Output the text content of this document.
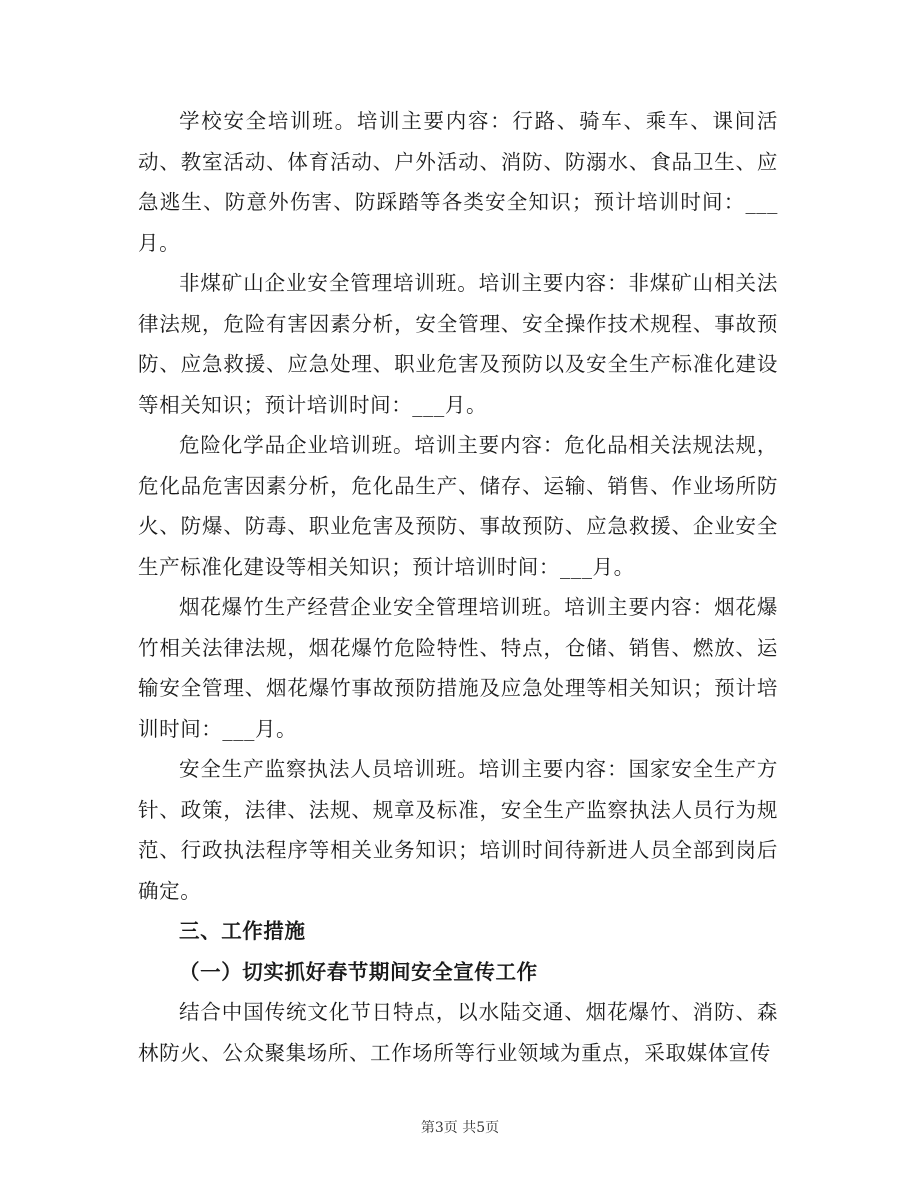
学校安全培训班。培训主要内容：行路、骑车、乘车、课间活动、教室活动、体育活动、户外活动、消防、防溺水、食品卫生、应急逃生、防意外伤害、防踩踏等各类安全知识；预计培训时间：___月。

非煤矿山企业安全管理培训班。培训主要内容：非煤矿山相关法律法规，危险有害因素分析，安全管理、安全操作技术规程、事故预防、应急救援、应急处理、职业危害及预防以及安全生产标准化建设等相关知识；预计培训时间：___月。

危险化学品企业培训班。培训主要内容：危化品相关法规法规，危化品危害因素分析，危化品生产、储存、运输、销售、作业场所防火、防爆、防毒、职业危害及预防、事故预防、应急救援、企业安全生产标准化建设等相关知识；预计培训时间：___月。

烟花爆竹生产经营企业安全管理培训班。培训主要内容：烟花爆竹相关法律法规，烟花爆竹危险特性、特点，仓储、销售、燃放、运输安全管理、烟花爆竹事故预防措施及应急处理等相关知识；预计培训时间：___月。

安全生产监察执法人员培训班。培训主要内容：国家安全生产方针、政策，法律、法规、规章及标准，安全生产监察执法人员行为规范、行政执法程序等相关业务知识；培训时间待新进人员全部到岗后确定。

三、工作措施

（一）切实抓好春节期间安全宣传工作

结合中国传统文化节日特点，以水陆交通、烟花爆竹、消防、森林防火、公众聚集场所、工作场所等行业领域为重点，采取媒体宣传

第3页 共5页
